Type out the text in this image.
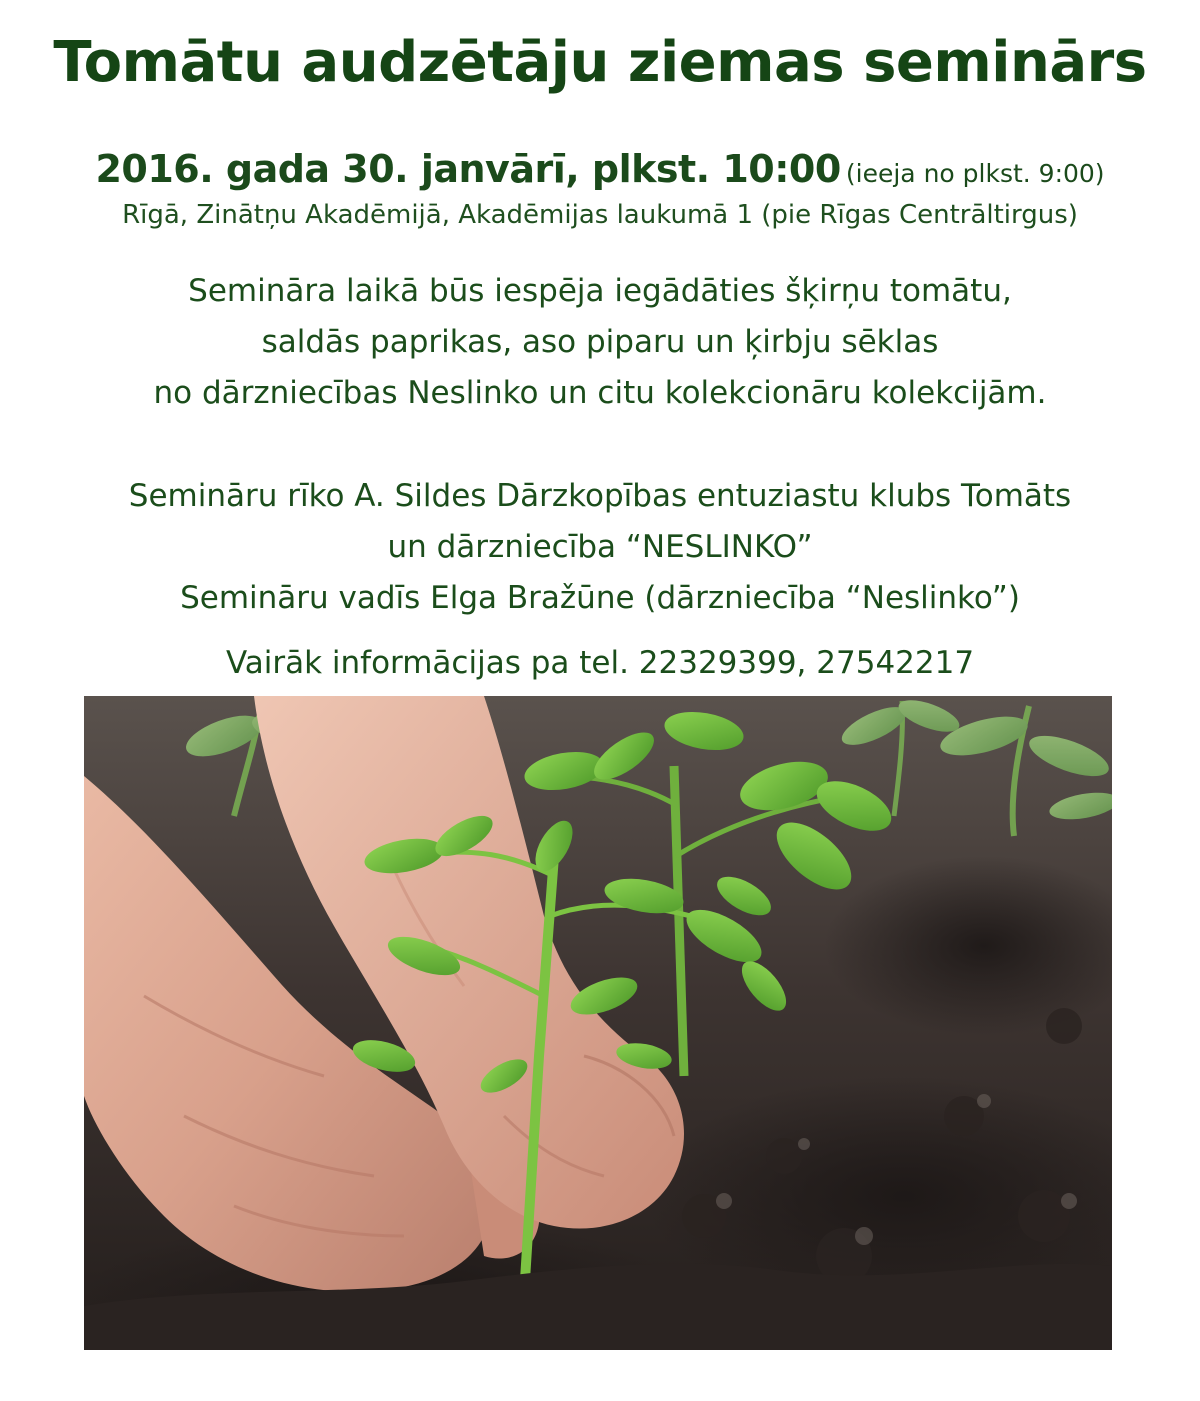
Tomātu audzētāju ziemas seminārs
2016. gada 30. janvārī, plkst. 10:00 (ieeja no plkst. 9:00)
Rīgā, Zinātņu Akadēmijā, Akadēmijas laukumā 1 (pie Rīgas Centrāltirgus)
Semināra laikā būs iespēja iegādāties šķirņu tomātu,
saldās paprikas, aso piparu un ķirbju sēklas
no dārzniecības Neslinko un citu kolekcionāru kolekcijām.
Semināru rīko A. Sildes Dārzkopības entuziastu klubs Tomāts
un dārzniecība “NESLINKO”
Semināru vadīs Elga Bražūne (dārzniecība “Neslinko”)
Vairāk informācijas pa tel. 22329399, 27542217
